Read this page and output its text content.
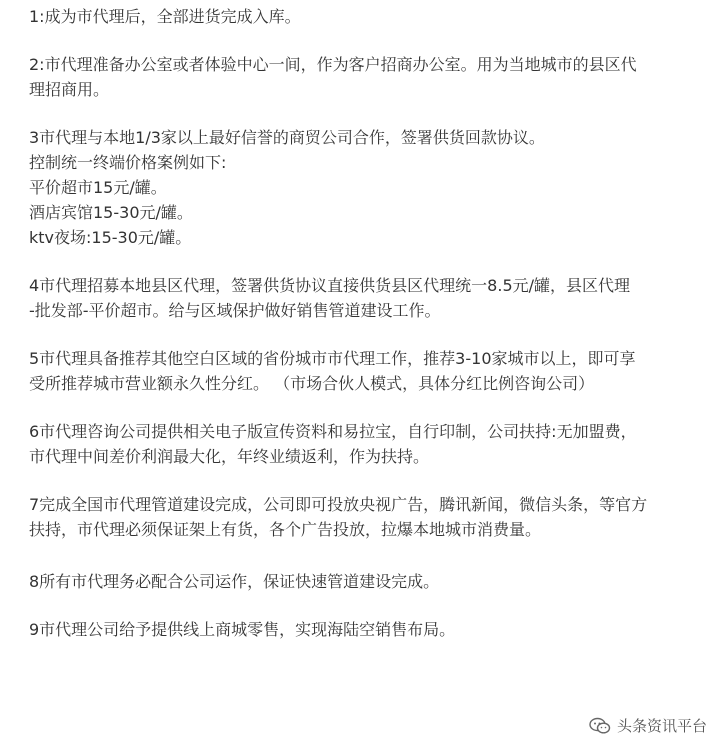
1:成为市代理后，全部进货完成入库。
2:市代理准备办公室或者体验中心一间，作为客户招商办公室。用为当地城市的县区代
理招商用。
3市代理与本地1/3家以上最好信誉的商贸公司合作，签署供货回款协议。
控制统一终端价格案例如下:
平价超市15元/罐。
酒店宾馆15-30元/罐。
ktv夜场:15-30元/罐。
4市代理招募本地县区代理，签署供货协议直接供货县区代理统一8.5元/罐，县区代理
-批发部-平价超市。给与区域保护做好销售管道建设工作。
5市代理具备推荐其他空白区域的省份城市市代理工作，推荐3-10家城市以上，即可享
受所推荐城市营业额永久性分红。 （市场合伙人模式，具体分红比例咨询公司）
6市代理咨询公司提供相关电子版宣传资料和易拉宝，自行印制，公司扶持:无加盟费，
市代理中间差价利润最大化，年终业绩返利，作为扶持。
7完成全国市代理管道建设完成，公司即可投放央视广告，腾讯新闻，微信头条，等官方
扶持，市代理必须保证架上有货，各个广告投放，拉爆本地城市消费量。
8所有市代理务必配合公司运作，保证快速管道建设完成。
9市代理公司给予提供线上商城零售，实现海陆空销售布局。
头条资讯平台
